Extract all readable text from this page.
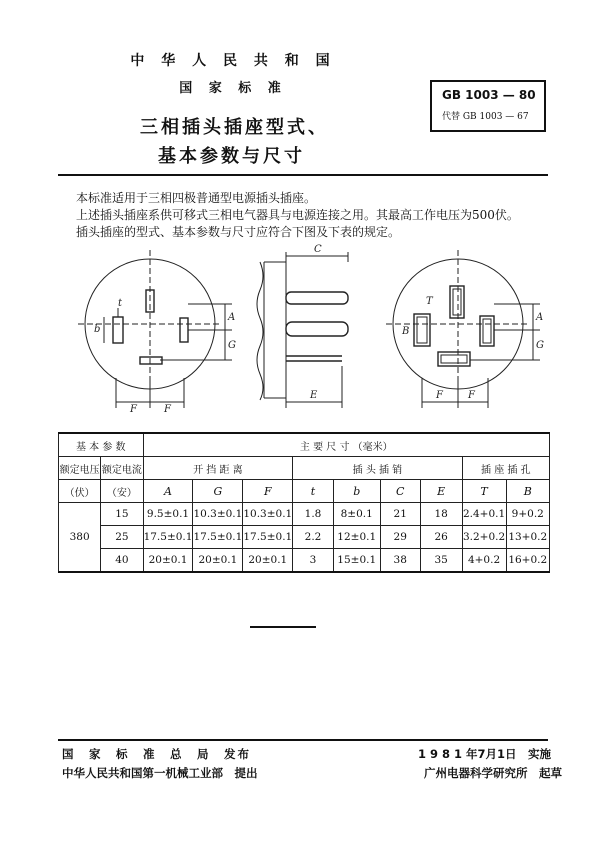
中 华 人 民 共 和 国
国 家 标 准
三相插头插座型式、
基本参数与尺寸
GB 1003 — 80
代替 GB 1003 — 67

本标准适用于三相四极普通型电源插头插座。

上述插头插座系供可移式三相电气器具与电源连接之用。其最高工作电压为500伏。

插头插座的型式、基本参数与尺寸应符合下图及下表的规定。

t
b
A
G
F	F
C
E
T
B
A
G
F	F
基 本 参 数		主 要 尺 寸 （毫米）								
额定电压	额定电流	开 挡 距 离			插 头 插 销				插 座 插 孔	
（伏）	（安）	A	G	F	t	b	C	E	T	B
380	15	9.5±0.1	10.3±0.1	10.3±0.1	1.8	8±0.1	21	18	2.4+0.1	9+0.2
	25	17.5±0.1	17.5±0.1	17.5±0.1	2.2	12±0.1	29	26	3.2+0.2	13+0.2
	40	20±0.1	20±0.1	20±0.1	3	15±0.1	38	35	4+0.2	16+0.2
国　家　标　准　总　局　发布	1 9 8 1 年7月1日　实施
中华人民共和国第一机械工业部　提出	广州电器科学研究所　起草
